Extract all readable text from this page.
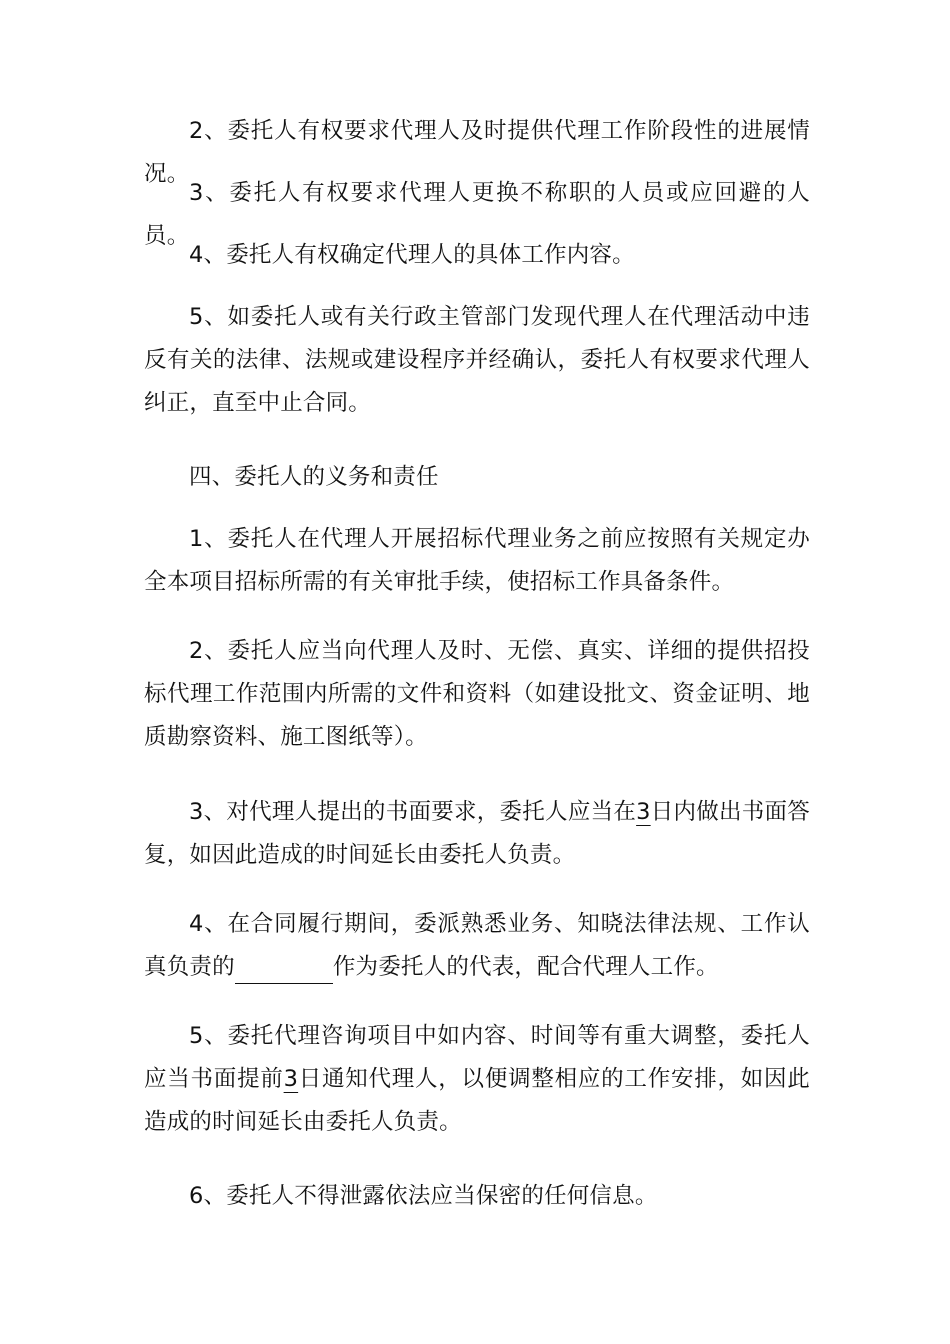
2、委托人有权要求代理人及时提供代理工作阶段性的进展情况。

3、委托人有权要求代理人更换不称职的人员或应回避的人员。

4、委托人有权确定代理人的具体工作内容。

5、如委托人或有关行政主管部门发现代理人在代理活动中违反有关的法律、法规或建设程序并经确认，委托人有权要求代理人纠正，直至中止合同。

四、委托人的义务和责任

1、委托人在代理人开展招标代理业务之前应按照有关规定办全本项目招标所需的有关审批手续，使招标工作具备条件。

2、委托人应当向代理人及时、无偿、真实、详细的提供招投标代理工作范围内所需的文件和资料（如建设批文、资金证明、地质勘察资料、施工图纸等）。

3、对代理人提出的书面要求，委托人应当在3日内做出书面答复，如因此造成的时间延长由委托人负责。

4、在合同履行期间，委派熟悉业务、知晓法律法规、工作认真负责的	作为委托人的代表，配合代理人工作。

5、委托代理咨询项目中如内容、时间等有重大调整，委托人应当书面提前3日通知代理人，以便调整相应的工作安排，如因此造成的时间延长由委托人负责。

6、委托人不得泄露依法应当保密的任何信息。
